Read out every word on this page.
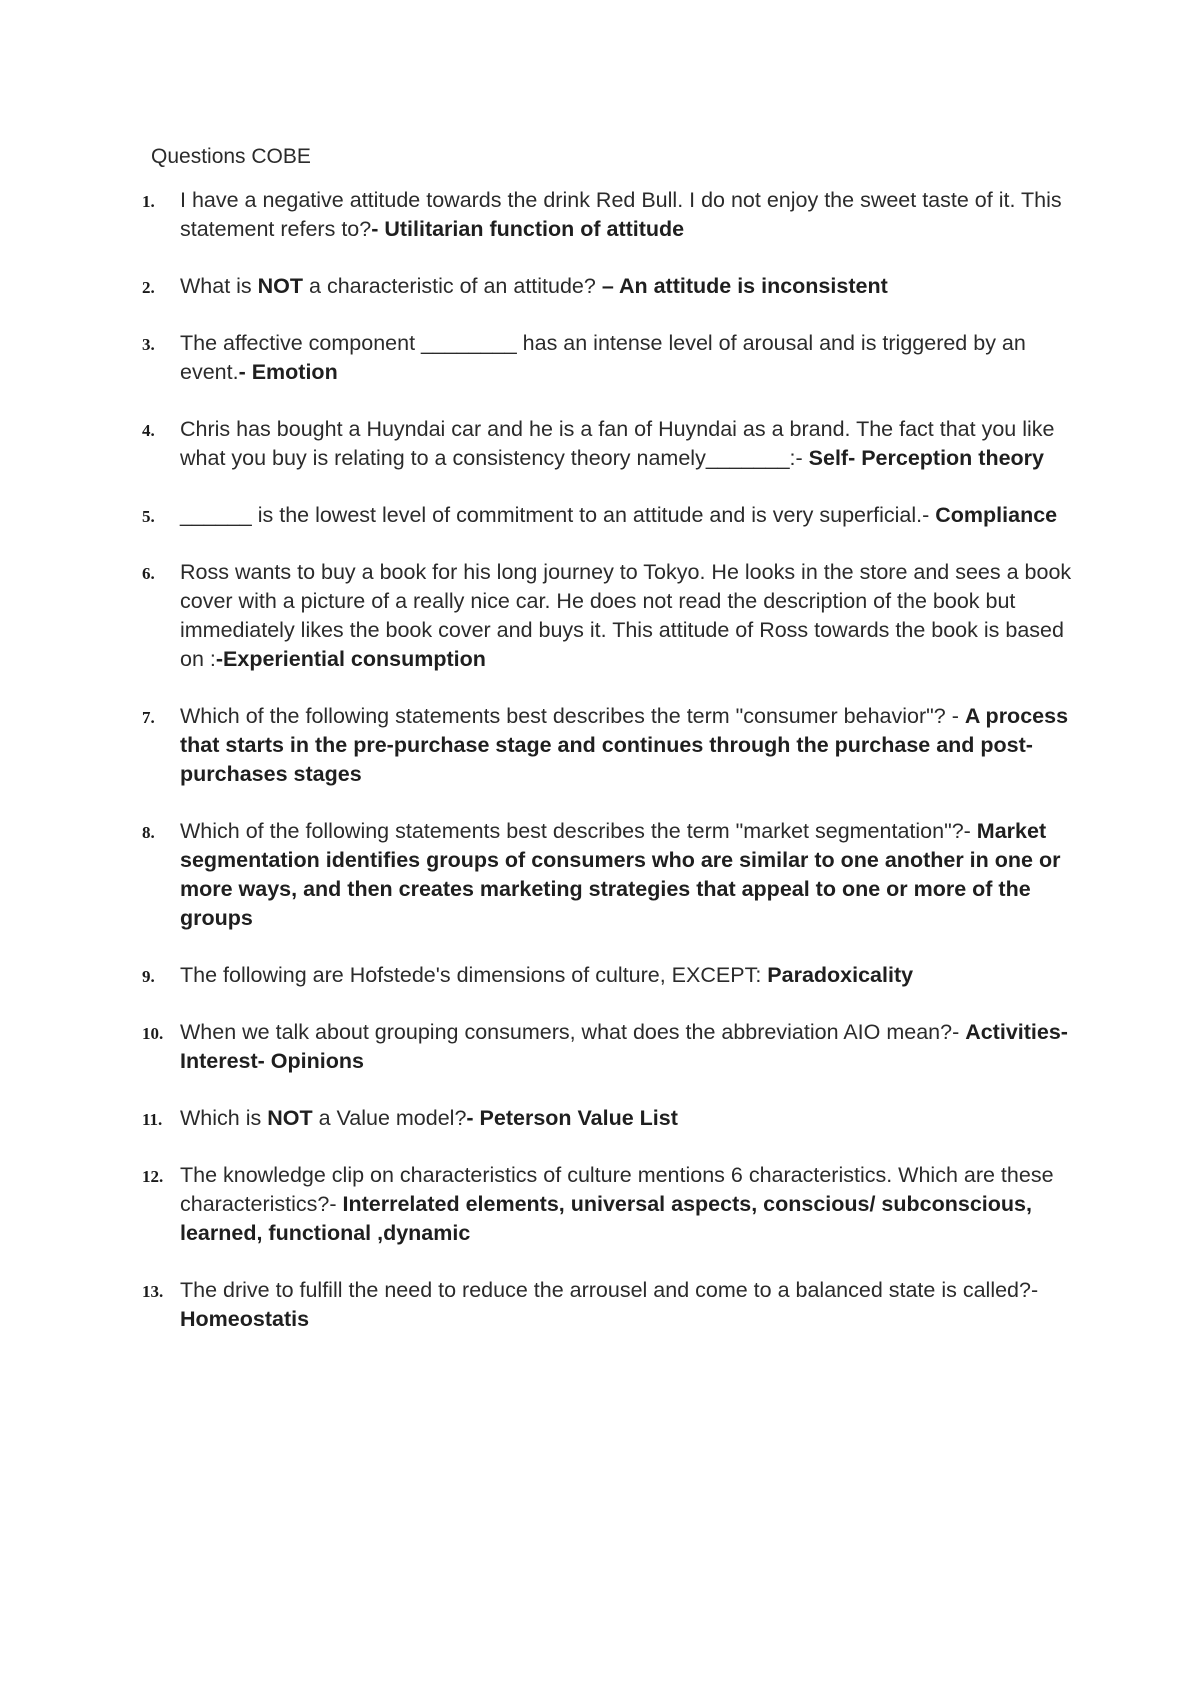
Questions COBE
1.	I have a negative attitude towards the drink Red Bull. I do not enjoy the sweet taste of it. This statement refers to?- Utilitarian function of attitude
2.	What is NOT a characteristic of an attitude? – An attitude is inconsistent
3.	The affective component ________ has an intense level of arousal and is triggered by an event.- Emotion
4.	Chris has bought a Huyndai car and he is a fan of Huyndai as a brand. The fact that you like what you buy is relating to a consistency theory namely_______:- Self- Perception theory
5.	______ is the lowest level of commitment to an attitude and is very superficial.- Compliance
6.	Ross wants to buy a book for his long journey to Tokyo. He looks in the store and sees a book cover with a picture of a really nice car. He does not read the description of the book but immediately likes the book cover and buys it. This attitude of Ross towards the book is based on :-Experiential consumption
7.	Which of the following statements best describes the term "consumer behavior"? - A process that starts in the pre-purchase stage and continues through the purchase and post-purchases stages
8.	Which of the following statements best describes the term "market segmentation"?- Market segmentation identifies groups of consumers who are similar to one another in one or more ways, and then creates marketing strategies that appeal to one or more of the groups
9.	The following are Hofstede's dimensions of culture, EXCEPT: Paradoxicality
10. When we talk about grouping consumers, what does the abbreviation AIO mean?- Activities- Interest- Opinions
11. Which is NOT a Value model?- Peterson Value List
12. The knowledge clip on characteristics of culture mentions 6 characteristics. Which are these characteristics?- Interrelated elements, universal aspects, conscious/ subconscious, learned, functional ,dynamic
13. The drive to fulfill the need to reduce the arrousel and come to a balanced state is called?- Homeostatis
